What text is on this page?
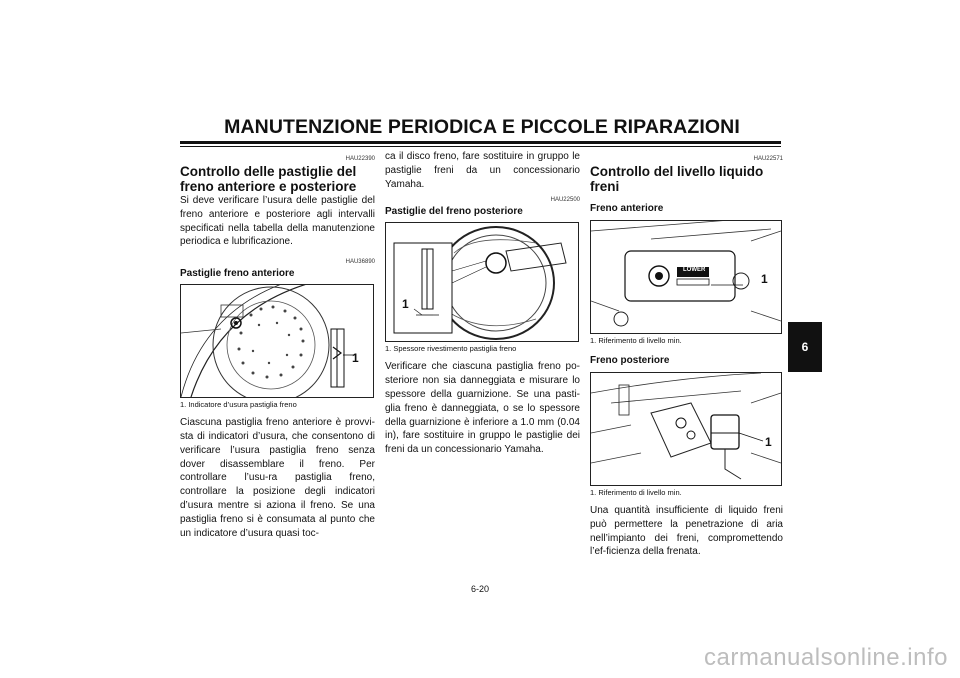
MANUTENZIONE PERIODICA E PICCOLE RIPARAZIONI
HAU22390
Controllo delle pastiglie del freno anteriore e posteriore
Si deve verificare l’usura delle pastiglie del freno anteriore e posteriore agli intervalli specificati nella tabella della manutenzione periodica e lubrificazione.
HAU36890
Pastiglie freno anteriore
1
1. Indicatore d’usura pastiglia freno
Ciascuna pastiglia freno anteriore è provvi-sta di indicatori d’usura, che consentono di verificare l’usura pastiglia freno senza dover disassemblare il freno. Per controllare l’usu-ra pastiglia freno, controllare la posizione degli indicatori d’usura mentre si aziona il freno. Se una pastiglia freno si è consumata al punto che un indicatore d’usura quasi toc-
ca il disco freno, fare sostituire in gruppo le pastiglie freni da un concessionario Yamaha.
HAU22500
Pastiglie del freno posteriore
1
1. Spessore rivestimento pastiglia freno
Verificare che ciascuna pastiglia freno po-steriore non sia danneggiata e misurare lo spessore della guarnizione. Se una pasti-glia freno è danneggiata, o se lo spessore della guarnizione è inferiore a 1.0 mm (0.04 in), fare sostituire in gruppo le pastiglie dei freni da un concessionario Yamaha.
HAU22571
Controllo del livello liquido freni
Freno anteriore
LOWER
1
1. Riferimento di livello min.
Freno posteriore
1
1. Riferimento di livello min.
Una quantità insufficiente di liquido freni può permettere la penetrazione di aria nell’impianto dei freni, compromettendo l’ef-ficienza della frenata.
6
6-20
carmanualsonline.info
